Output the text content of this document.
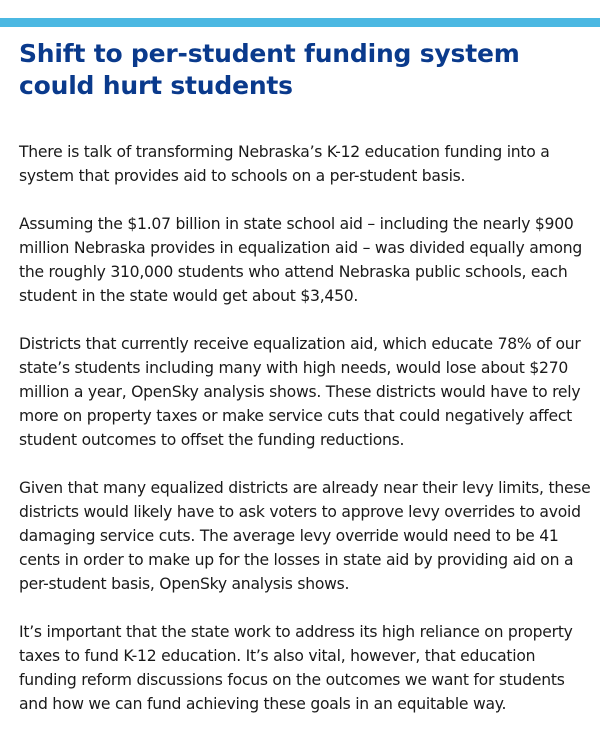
Shift to per-student funding system could hurt students

There is talk of transforming Nebraska’s K-12 education funding into a system that provides aid to schools on a per-student basis.

Assuming the $1.07 billion in state school aid – including the nearly $900 million Nebraska provides in equalization aid – was divided equally among the roughly 310,000 students who attend Nebraska public schools, each student in the state would get about $3,450.

Districts that currently receive equalization aid, which educate 78% of our state’s students including many with high needs, would lose about $270 million a year, OpenSky analysis shows. These districts would have to rely more on property taxes or make service cuts that could negatively affect student outcomes to offset the funding reductions.

Given that many equalized districts are already near their levy limits, these districts would likely have to ask voters to approve levy overrides to avoid damaging service cuts. The average levy override would need to be 41 cents in order to make up for the losses in state aid by providing aid on a per-student basis, OpenSky analysis shows.

It’s important that the state work to address its high reliance on property taxes to fund K-12 education. It’s also vital, however, that education funding reform discussions focus on the outcomes we want for students and how we can fund achieving these goals in an equitable way.
